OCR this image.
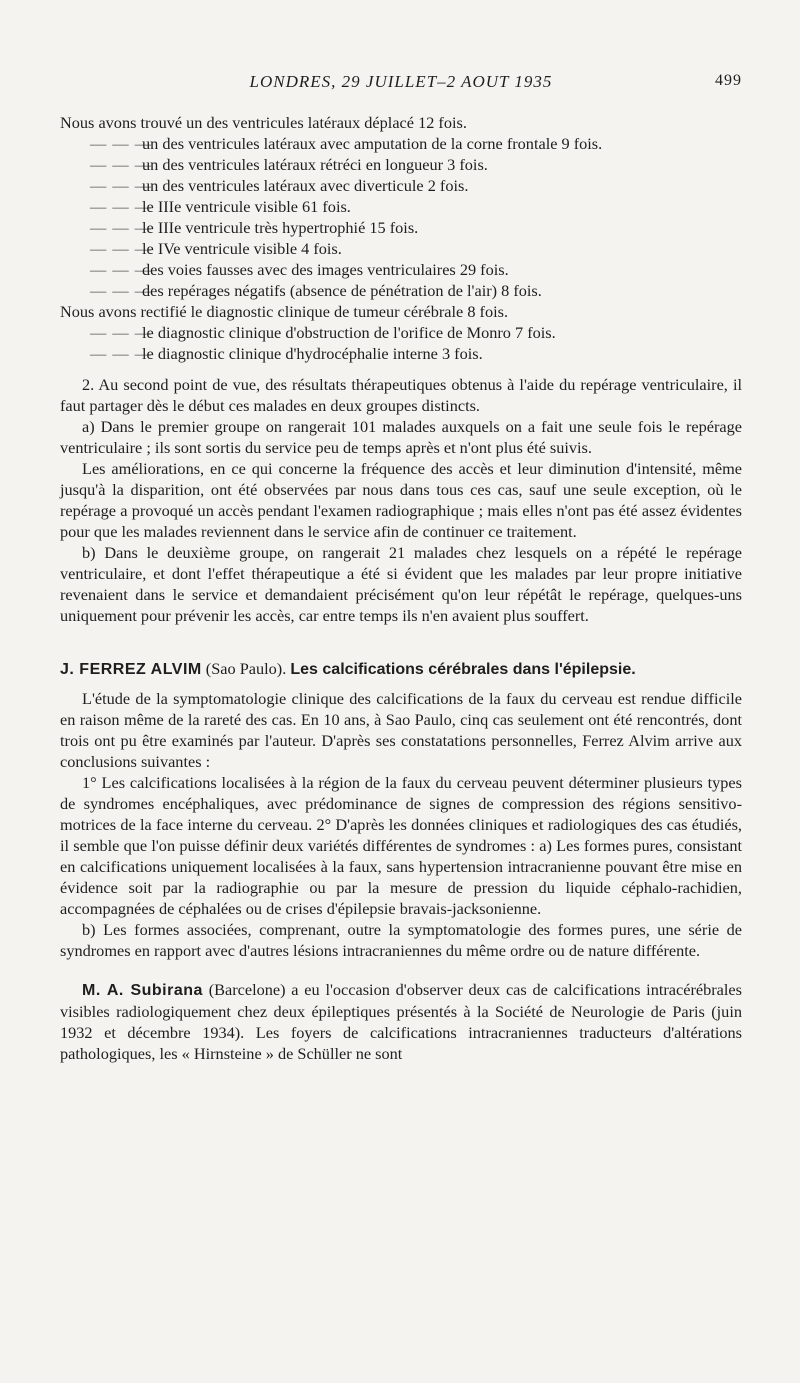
LONDRES, 29 JUILLET–2 AOUT 1935	499

Nous avons trouvé un des ventricules latéraux déplacé 12 fois.

— — —un des ventricules latéraux avec amputation de la corne frontale 9 fois.

— — —un des ventricules latéraux rétréci en longueur 3 fois.

— — —un des ventricules latéraux avec diverticule 2 fois.

— — —le IIIe ventricule visible 61 fois.

— — —le IIIe ventricule très hypertrophié 15 fois.

— — —le IVe ventricule visible 4 fois.

— — —des voies fausses avec des images ventriculaires 29 fois.

— — —des repérages négatifs (absence de pénétration de l'air) 8 fois.

Nous avons rectifié le diagnostic clinique de tumeur cérébrale 8 fois.

— — —le diagnostic clinique d'obstruction de l'orifice de Monro 7 fois.

— — —le diagnostic clinique d'hydrocéphalie interne 3 fois.

2. Au second point de vue, des résultats thérapeutiques obtenus à l'aide du repérage ventriculaire, il faut partager dès le début ces malades en deux groupes distincts.

a) Dans le premier groupe on rangerait 101 malades auxquels on a fait une seule fois le repérage ventriculaire ; ils sont sortis du service peu de temps après et n'ont plus été suivis.

Les améliorations, en ce qui concerne la fréquence des accès et leur diminution d'intensité, même jusqu'à la disparition, ont été observées par nous dans tous ces cas, sauf une seule exception, où le repérage a provoqué un accès pendant l'examen radiographique ; mais elles n'ont pas été assez évidentes pour que les malades reviennent dans le service afin de continuer ce traitement.

b) Dans le deuxième groupe, on rangerait 21 malades chez lesquels on a répété le repérage ventriculaire, et dont l'effet thérapeutique a été si évident que les malades par leur propre initiative revenaient dans le service et demandaient précisément qu'on leur répétât le repérage, quelques-uns uniquement pour prévenir les accès, car entre temps ils n'en avaient plus souffert.

J. FERREZ ALVIM (Sao Paulo). Les calcifications cérébrales dans l'épilepsie.

L'étude de la symptomatologie clinique des calcifications de la faux du cerveau est rendue difficile en raison même de la rareté des cas. En 10 ans, à Sao Paulo, cinq cas seulement ont été rencontrés, dont trois ont pu être examinés par l'auteur. D'après ses constatations personnelles, Ferrez Alvim arrive aux conclusions suivantes :

1° Les calcifications localisées à la région de la faux du cerveau peuvent déterminer plusieurs types de syndromes encéphaliques, avec prédominance de signes de compression des régions sensitivo-motrices de la face interne du cerveau. 2° D'après les données cliniques et radiologiques des cas étudiés, il semble que l'on puisse définir deux variétés différentes de syndromes : a) Les formes pures, consistant en calcifications uniquement localisées à la faux, sans hypertension intracranienne pouvant être mise en évidence soit par la radiographie ou par la mesure de pression du liquide céphalo-rachidien, accompagnées de céphalées ou de crises d'épilepsie bravais-jacksonienne.

b) Les formes associées, comprenant, outre la symptomatologie des formes pures, une série de syndromes en rapport avec d'autres lésions intracraniennes du même ordre ou de nature différente.

M. A. Subirana (Barcelone) a eu l'occasion d'observer deux cas de calcifications intracérébrales visibles radiologiquement chez deux épileptiques présentés à la Société de Neurologie de Paris (juin 1932 et décembre 1934). Les foyers de calcifications intracraniennes traducteurs d'altérations pathologiques, les « Hirnsteine » de Schüller ne sont
